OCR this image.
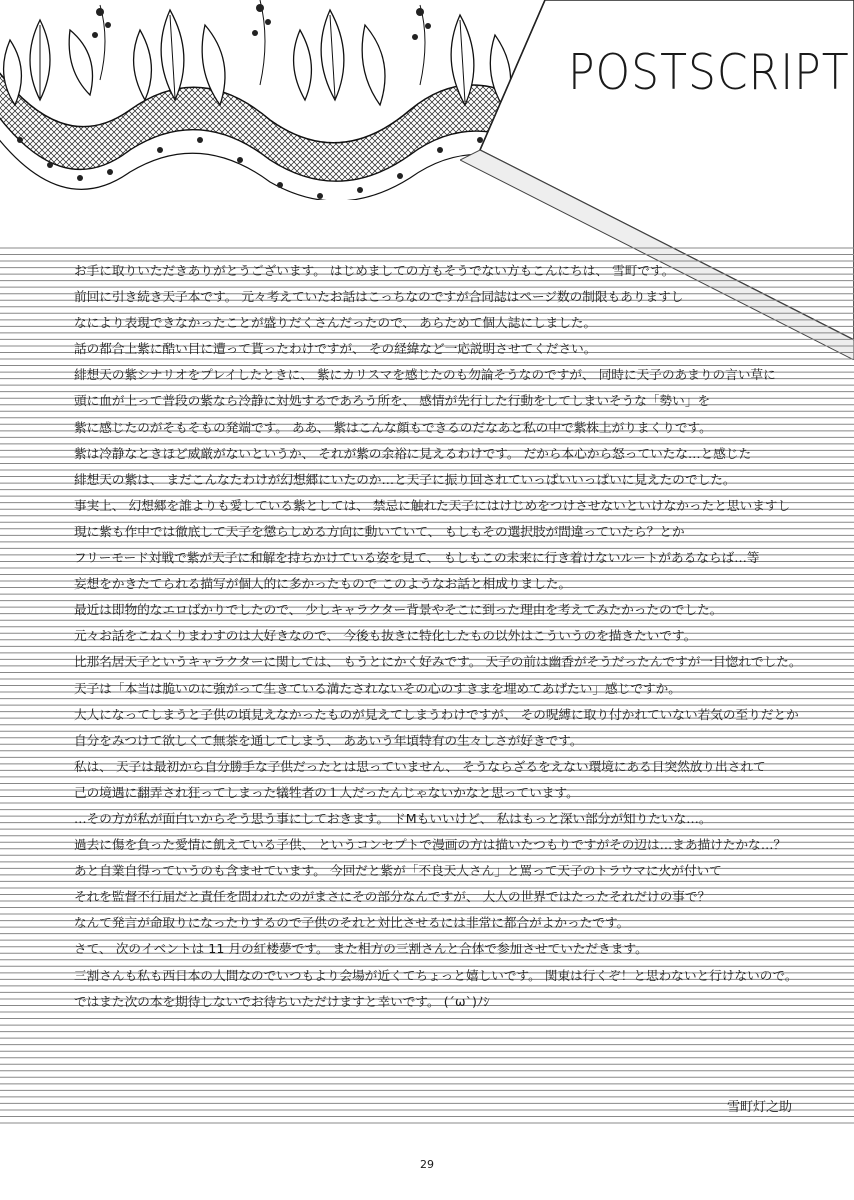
POSTSCRIPT
お手に取りいただきありがとうございます。 はじめましての方もそうでない方もこんにちは、 雪町です。
前回に引き続き天子本です。 元々考えていたお話はこっちなのですが合同誌はページ数の制限もありますし
なにより表現できなかったことが盛りだくさんだったので、 あらためて個人誌にしました。
話の都合上紫に酷い目に遭って貰ったわけですが、 その経緯など一応説明させてください。
緋想天の紫シナリオをプレイしたときに、 紫にカリスマを感じたのも勿論そうなのですが、 同時に天子のあまりの言い草に
頭に血が上って普段の紫なら冷静に対処するであろう所を、 感情が先行した行動をしてしまいそうな「勢い」を
紫に感じたのがそもそもの発端です。 ああ、 紫はこんな顔もできるのだなあと私の中で紫株上がりまくりです。
紫は冷静なときほど威厳がないというか、 それが紫の余裕に見えるわけです。 だから本心から怒っていたな…と感じた
緋想天の紫は、 まだこんなたわけが幻想郷にいたのか…と天子に振り回されていっぱいいっぱいに見えたのでした。
事実上、 幻想郷を誰よりも愛している紫としては、 禁忌に触れた天子にはけじめをつけさせないといけなかったと思いますし
現に紫も作中では徹底して天子を懲らしめる方向に動いていて、 もしもその選択肢が間違っていたら？とか
フリーモード対戦で紫が天子に和解を持ちかけている姿を見て、 もしもこの未来に行き着けないルートがあるならば…等
妄想をかきたてられる描写が個人的に多かったもので このようなお話と相成りました。
最近は即物的なエロばかりでしたので、 少しキャラクター背景やそこに到った理由を考えてみたかったのでした。
元々お話をこねくりまわすのは大好きなので、 今後も抜きに特化したもの以外はこういうのを描きたいです。
比那名居天子というキャラクターに関しては、 もうとにかく好みです。 天子の前は幽香がそうだったんですが一目惚れでした。
天子は「本当は脆いのに強がって生きている満たされないその心のすきまを埋めてあげたい」感じですか。
大人になってしまうと子供の頃見えなかったものが見えてしまうわけですが、 その呪縛に取り付かれていない若気の至りだとか
自分をみつけて欲しくて無茶を通してしまう、 ああいう年頃特有の生々しさが好きです。
私は、 天子は最初から自分勝手な子供だったとは思っていません、 そうならざるをえない環境にある日突然放り出されて
己の境遇に翻弄され狂ってしまった犠牲者の１人だったんじゃないかなと思っています。
…その方が私が面白いからそう思う事にしておきます。 ドMもいいけど、 私はもっと深い部分が知りたいな…。
過去に傷を負った愛情に飢えている子供、 というコンセプトで漫画の方は描いたつもりですがその辺は…まあ描けたかな…？
あと自業自得っていうのも含ませています。 今回だと紫が「不良天人さん」と罵って天子のトラウマに火が付いて
それを監督不行届だと責任を問われたのがまさにその部分なんですが、 大人の世界ではたったそれだけの事で？
なんて発言が命取りになったりするので子供のそれと対比させるには非常に都合がよかったです。
さて、 次のイベントは 11 月の紅楼夢です。 また相方の三割さんと合体で参加させていただきます。
三割さんも私も西日本の人間なのでいつもより会場が近くてちょっと嬉しいです。 関東は行くぞ！と思わないと行けないので。
ではまた次の本を期待しないでお待ちいただけますと幸いです。 (´ω`)ﾉｼ
雪町灯之助
29
